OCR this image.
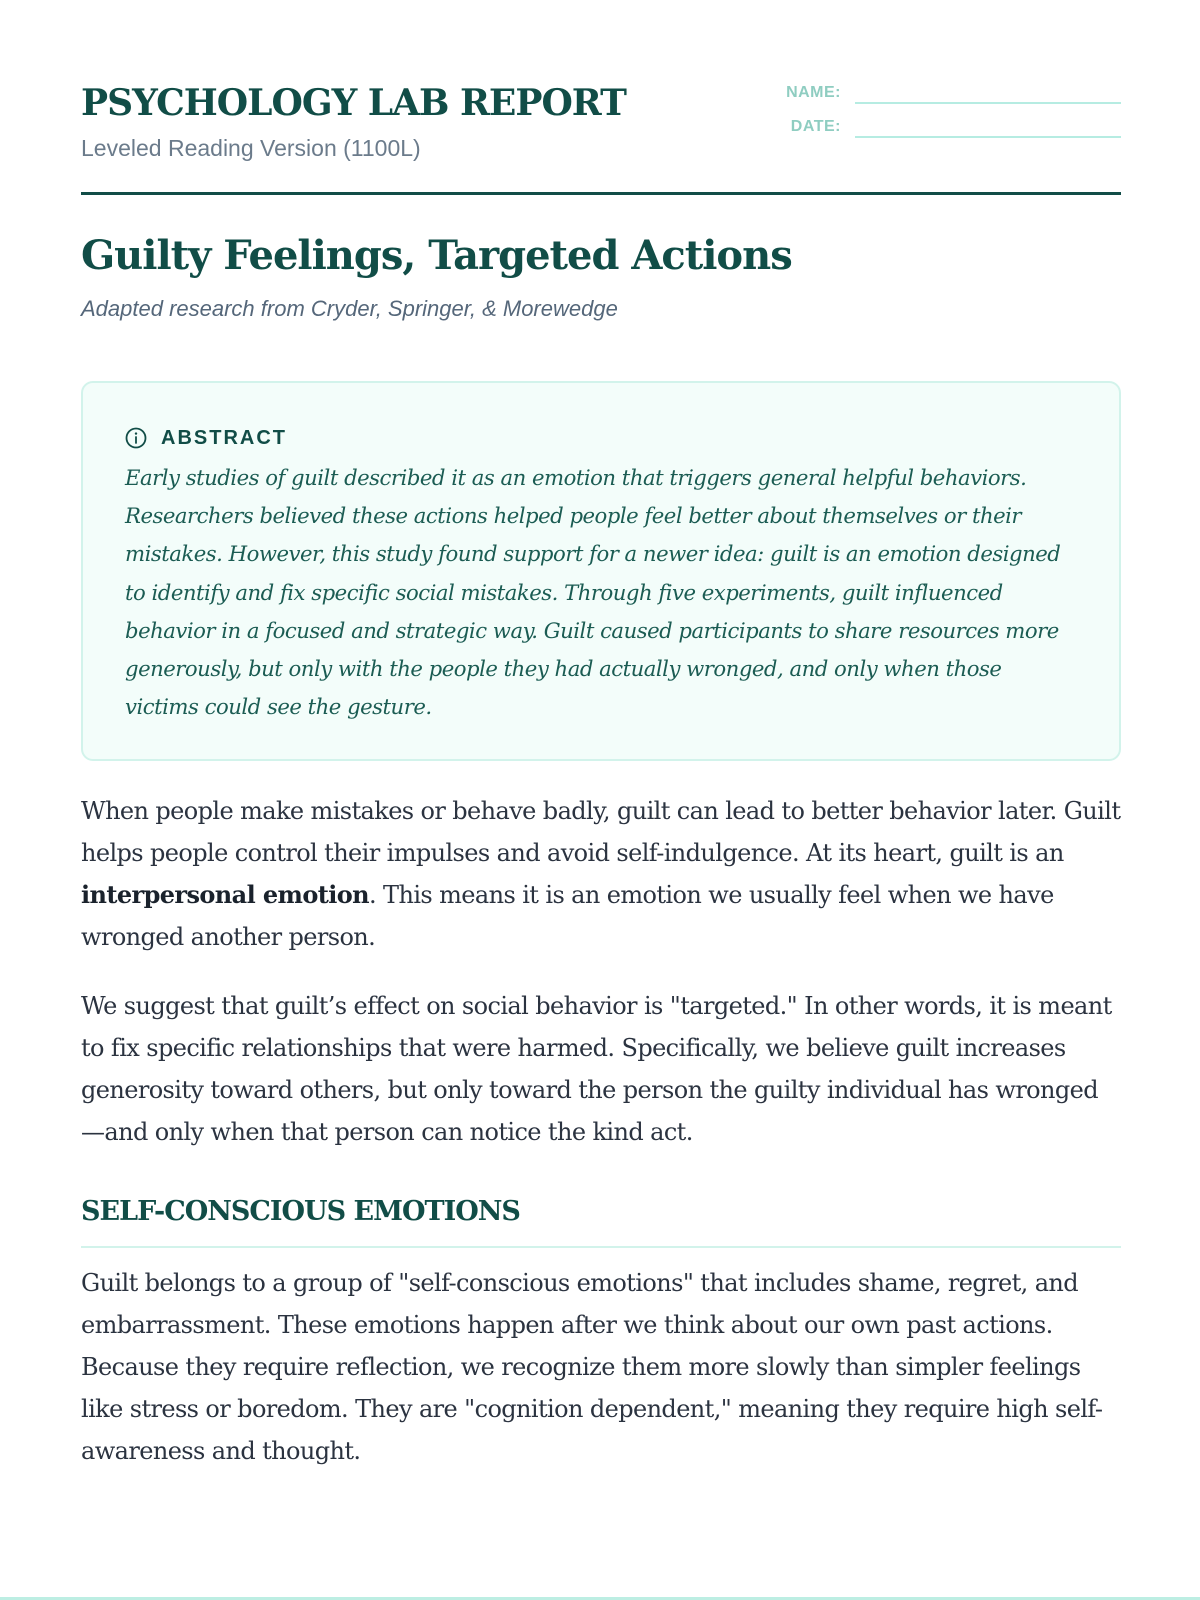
PSYCHOLOGY LAB REPORT

Leveled Reading Version (1100L)

NAME:
DATE:
Guilty Feelings, Targeted Actions

Adapted research from Cryder, Springer, & Morewedge

ABSTRACT

Early studies of guilt described it as an emotion that triggers general helpful behaviors. Researchers believed these actions helped people feel better about themselves or their mistakes. However, this study found support for a newer idea: guilt is an emotion designed to identify and fix specific social mistakes. Through five experiments, guilt influenced behavior in a focused and strategic way. Guilt caused participants to share resources more generously, but only with the people they had actually wronged, and only when those victims could see the gesture.

When people make mistakes or behave badly, guilt can lead to better behavior later. Guilt helps people control their impulses and avoid self-indulgence. At its heart, guilt is an interpersonal emotion. This means it is an emotion we usually feel when we have wronged another person.

We suggest that guilt’s effect on social behavior is "targeted." In other words, it is meant to fix specific relationships that were harmed. Specifically, we believe guilt increases generosity toward others, but only toward the person the guilty individual has wronged—and only when that person can notice the kind act.

SELF-CONSCIOUS EMOTIONS

Guilt belongs to a group of "self-conscious emotions" that includes shame, regret, and embarrassment. These emotions happen after we think about our own past actions. Because they require reflection, we recognize them more slowly than simpler feelings like stress or boredom. They are "cognition dependent," meaning they require high self-awareness and thought.
